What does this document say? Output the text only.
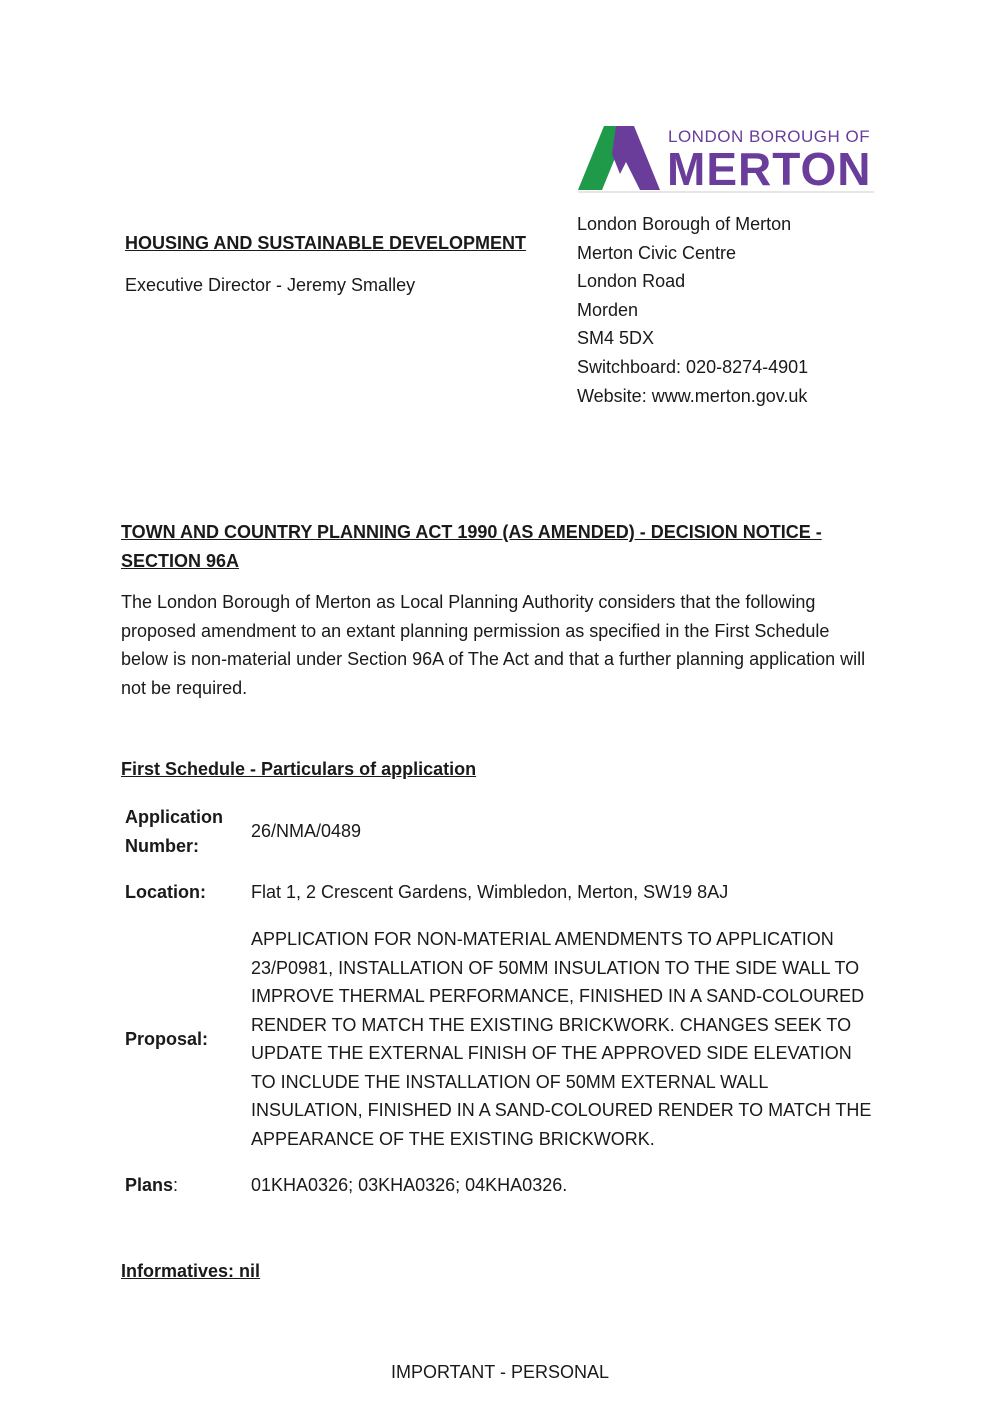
LONDON BOROUGH OF
MERTON
HOUSING AND SUSTAINABLE DEVELOPMENT
Executive Director - Jeremy Smalley
London Borough of Merton
Merton Civic Centre
London Road
Morden
SM4 5DX
Switchboard: 020-8274-4901
Website: www.merton.gov.uk
TOWN AND COUNTRY PLANNING ACT 1990 (AS AMENDED) - DECISION NOTICE - SECTION 96A
The London Borough of Merton as Local Planning Authority considers that the following proposed amendment to an extant planning permission as specified in the First Schedule below is non-material under Section 96A of The Act and that a further planning application will not be required.
First Schedule - Particulars of application
Application Number:
26/NMA/0489
Location:	Flat 1, 2 Crescent Gardens, Wimbledon, Merton, SW19 8AJ
Proposal:
APPLICATION FOR NON-MATERIAL AMENDMENTS TO APPLICATION 23/P0981, INSTALLATION OF 50MM INSULATION TO THE SIDE WALL TO IMPROVE THERMAL PERFORMANCE, FINISHED IN A SAND-COLOURED RENDER TO MATCH THE EXISTING BRICKWORK. CHANGES SEEK TO UPDATE THE EXTERNAL FINISH OF THE APPROVED SIDE ELEVATION TO INCLUDE THE INSTALLATION OF 50MM EXTERNAL WALL INSULATION, FINISHED IN A SAND-COLOURED RENDER TO MATCH THE APPEARANCE OF THE EXISTING BRICKWORK.
Plans:	01KHA0326; 03KHA0326; 04KHA0326.
Informatives: nil
IMPORTANT - PERSONAL
